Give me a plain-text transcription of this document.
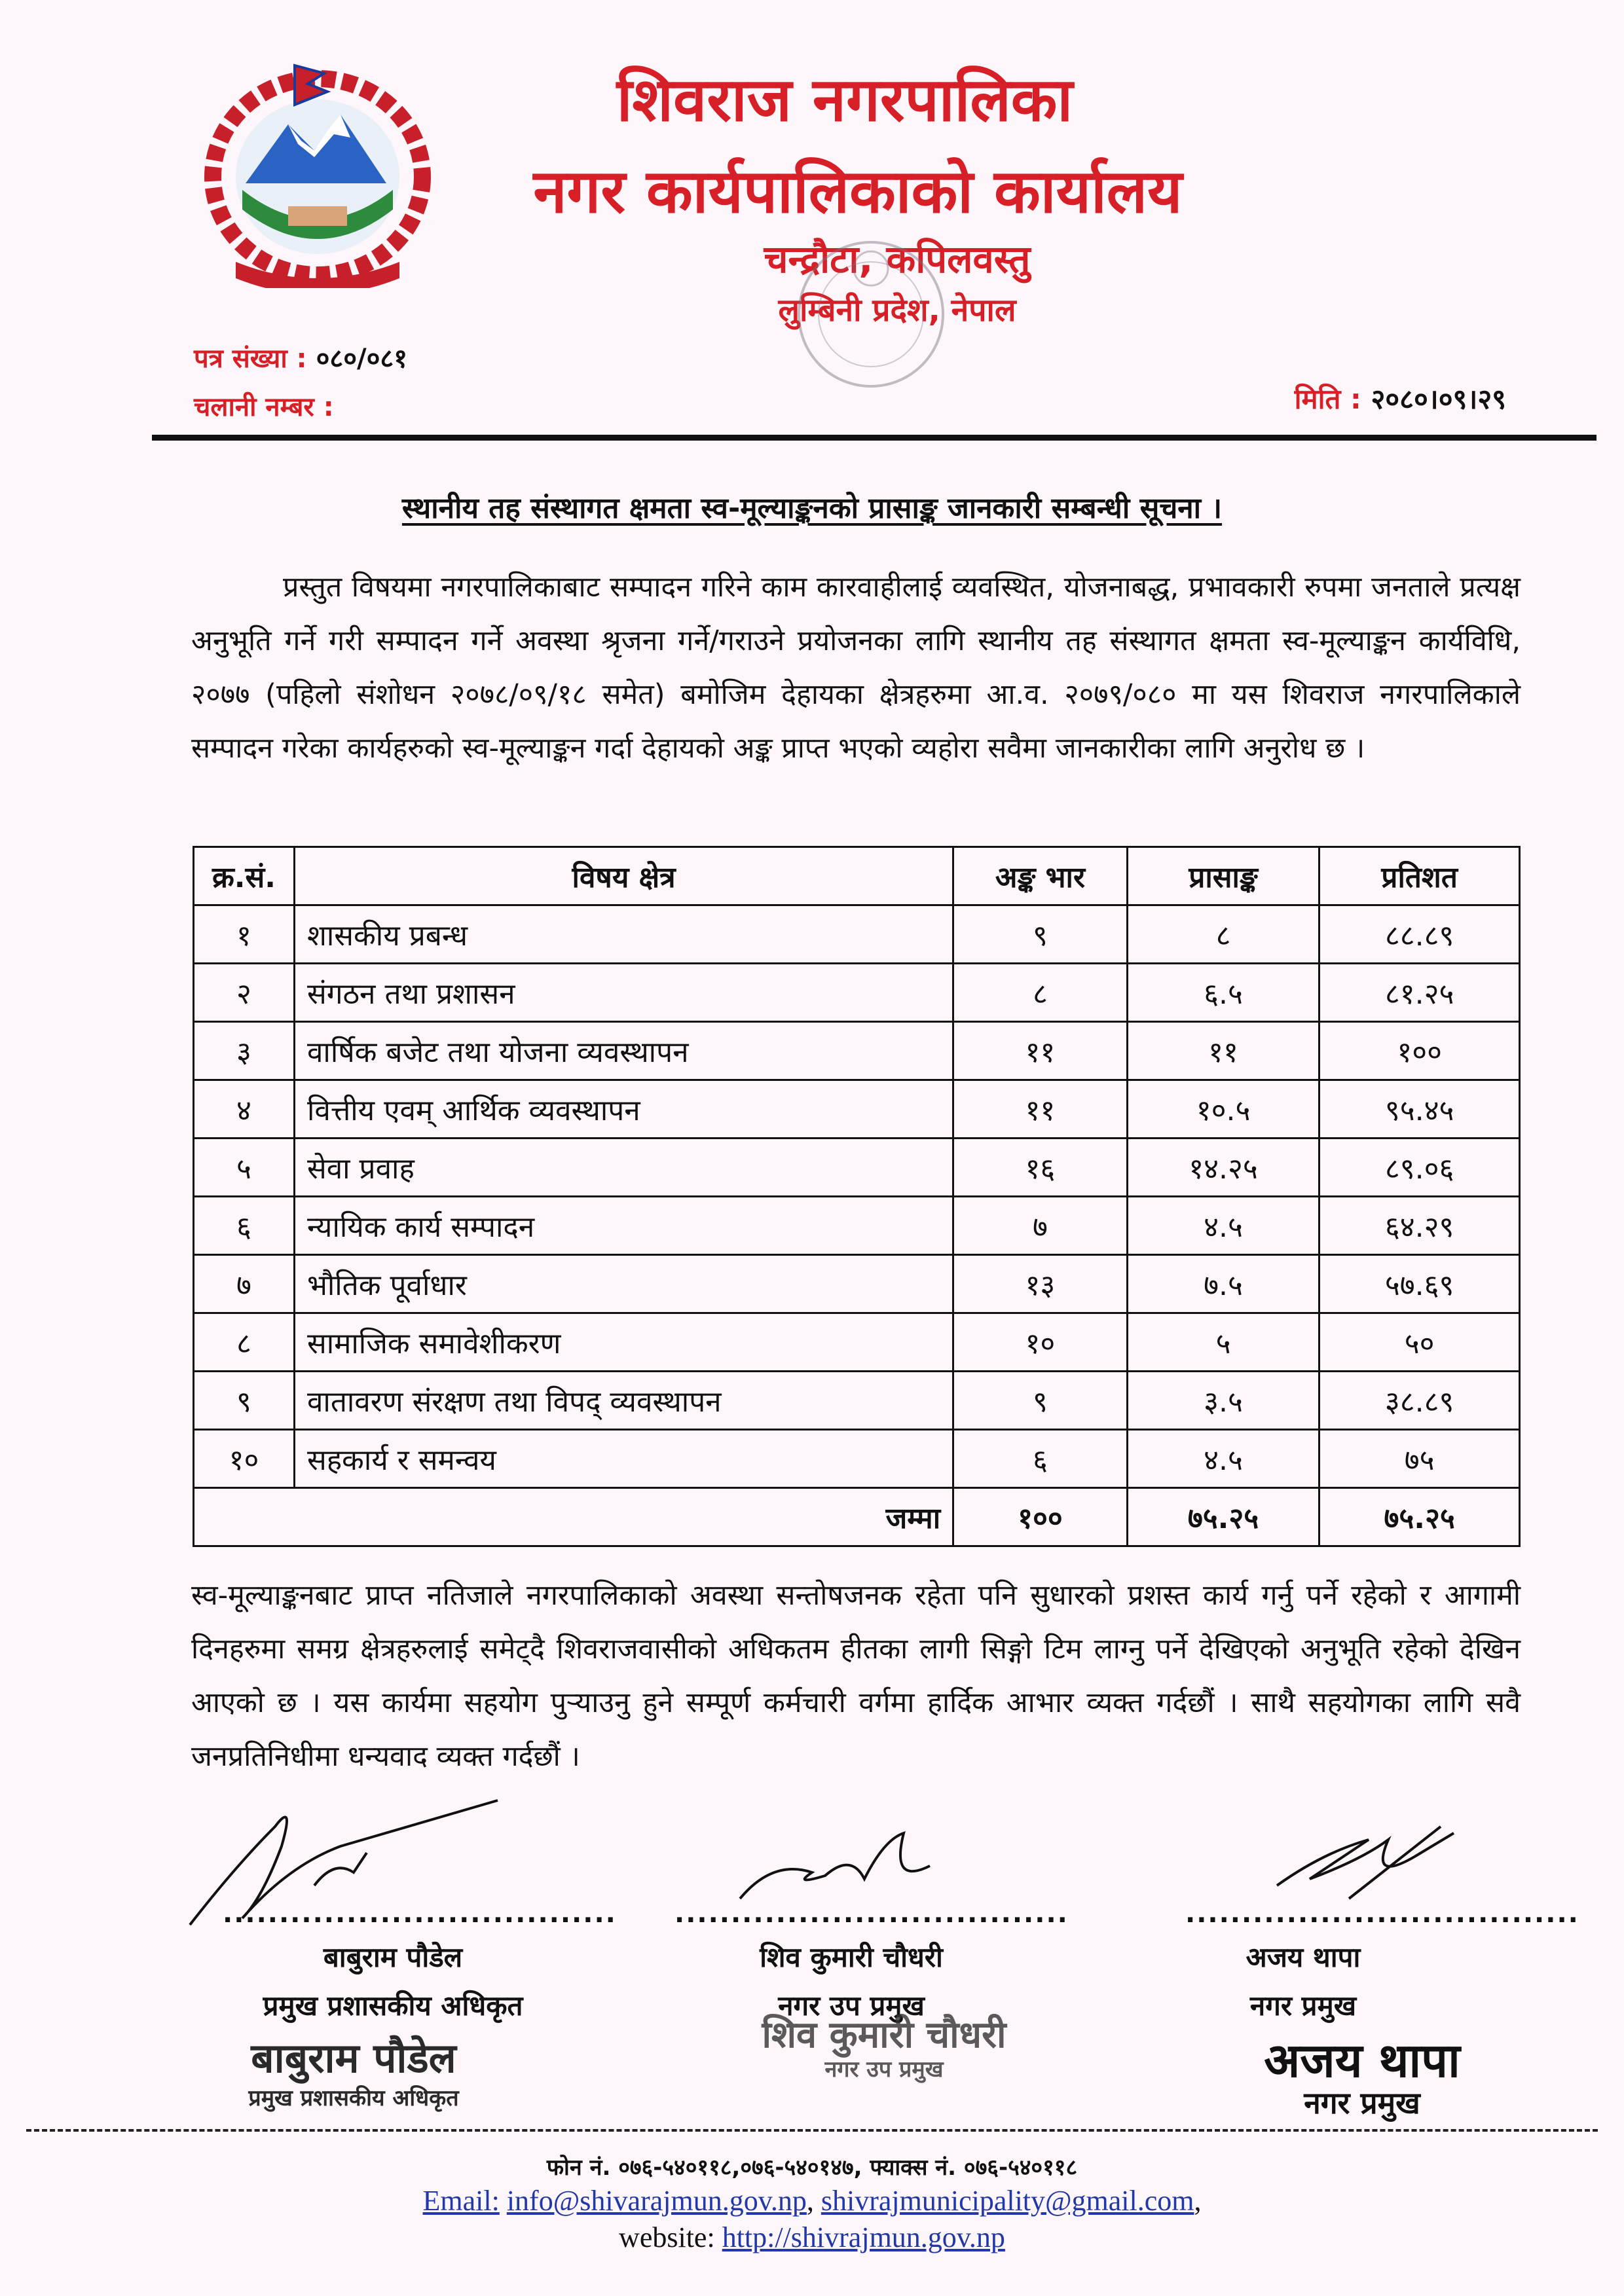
शिवराज नगरपालिका
नगर कार्यपालिकाको कार्यालय
चन्द्रौटा, कपिलवस्तु
लुम्बिनी प्रदेश, नेपाल
पत्र संख्या : ०८०/०८१
चलानी नम्बर :	मिति : २०८०।०९।२९
स्थानीय तह संस्थागत क्षमता स्व-मूल्याङ्कनको प्रासाङ्क जानकारी सम्बन्धी सूचना ।

प्रस्तुत विषयमा नगरपालिकाबाट सम्पादन गरिने काम कारवाहीलाई व्यवस्थित, योजनाबद्ध, प्रभावकारी रुपमा जनताले प्रत्यक्ष अनुभूति गर्ने गरी सम्पादन गर्ने अवस्था श्रृजना गर्ने/गराउने प्रयोजनका लागि स्थानीय तह संस्थागत क्षमता स्व-मूल्याङ्कन कार्यविधि, २०७७ (पहिलो संशोधन २०७८/०९/१८ समेत) बमोजिम देहायका क्षेत्रहरुमा आ.व. २०७९/०८० मा यस शिवराज नगरपालिकाले सम्पादन गरेका कार्यहरुको स्व-मूल्याङ्कन गर्दा देहायको अङ्क प्राप्त भएको व्यहोरा सवैमा जानकारीका लागि अनुरोध छ ।

क्र.सं.	विषय क्षेत्र	अङ्क भार	प्रासाङ्क	प्रतिशत
१	शासकीय प्रबन्ध	९	८	८८.८९
२	संगठन तथा प्रशासन	८	६.५	८१.२५
३	वार्षिक बजेट तथा योजना व्यवस्थापन	११	११	१००
४	वित्तीय एवम् आर्थिक व्यवस्थापन	११	१०.५	९५.४५
५	सेवा प्रवाह	१६	१४.२५	८९.०६
६	न्यायिक कार्य सम्पादन	७	४.५	६४.२९
७	भौतिक पूर्वाधार	१३	७.५	५७.६९
८	सामाजिक समावेशीकरण	१०	५	५०
९	वातावरण संरक्षण तथा विपद् व्यवस्थापन	९	३.५	३८.८९
१०	सहकार्य र समन्वय	६	४.५	७५
जम्मा		१००	७५.२५	७५.२५

स्व-मूल्याङ्कनबाट प्राप्त नतिजाले नगरपालिकाको अवस्था सन्तोषजनक रहेता पनि सुधारको प्रशस्त कार्य गर्नु पर्ने रहेको र आगामी दिनहरुमा समग्र क्षेत्रहरुलाई समेट्दै शिवराजवासीको अधिकतम हीतका लागी सिङ्गो टिम लाग्नु पर्ने देखिएको अनुभूति रहेको देखिन आएको छ । यस कार्यमा सहयोग पुऱ्याउनु हुने सम्पूर्ण कर्मचारी वर्गमा हार्दिक आभार व्यक्त गर्दछौं । साथै सहयोगका लागि सवै जनप्रतिनिधीमा धन्यवाद व्यक्त गर्दछौं ।

................................... ...................................	...................................
बाबुराम पौडेल
प्रमुख प्रशासकीय अधिकृत
शिव कुमारी चौधरी
नगर उप प्रमुख
अजय थापा
नगर प्रमुख
बाबुराम पौडेल
प्रमुख प्रशासकीय अधिकृत
शिव कुमारी चौधरी
नगर उप प्रमुख	अजय थापा
नगर प्रमुख
फोन नं. ०७६-५४०११८,०७६-५४०१४७, फ्याक्स नं. ०७६-५४०११८
Email: info@shivarajmun.gov.np, shivrajmunicipality@gmail.com,
website: http://shivrajmun.gov.np
